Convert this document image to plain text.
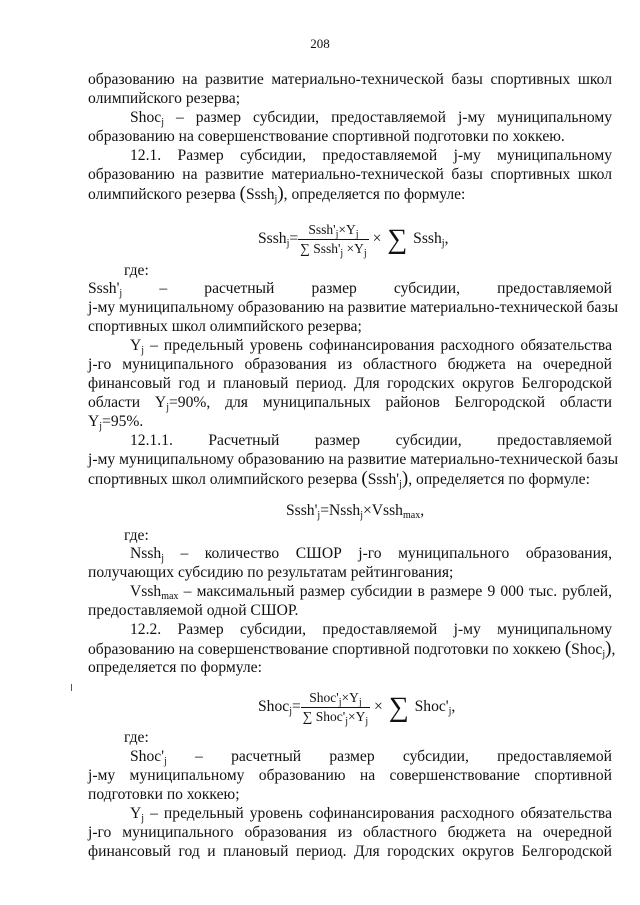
208
образованию на развитие материально-технической базы спортивных школ
олимпийского резерва;
Shoc$_j$ – размер субсидии, предоставляемой j-му муниципальному
образованию на совершенствование спортивной подготовки по хоккею.
12.1. Размер субсидии, предоставляемой j-му муниципальному
образованию на развитие материально-технической базы спортивных школ
олимпийского резерва (Sssh$_j$), определяется по формуле:
Sssh$_j$= $\frac{Sssh'_j\times Y_j}{\sum Sssh'_j \times Y_j}$ × ∑ Sssh$_j$,
где:
$Sssh'_j$ – расчетный размер субсидии, предоставляемой
j-му муниципальному образованию на развитие материально-технической базы
спортивных школ олимпийского резерва;
$Y_j$ – предельный уровень софинансирования расходного обязательства
j-го муниципального образования из областного бюджета на очередной
финансовый год и плановый период. Для городских округов Белгородской
области $Y_j=90\%$, для муниципальных районов Белгородской области
$Y_j=95\%$.
12.1.1. Расчетный размер субсидии, предоставляемой
j-му муниципальному образованию на развитие материально-технической базы
спортивных школ олимпийского резерва $(Sssh'_j)$, определяется по формуле:
$Sssh'_j=Nssh_j\times Vssh_{max}$,
где:
Nssh$_j$ – количество СШОР j-го муниципального образования,
получающих субсидию по результатам рейтингования;
Vssh$_{max}$ – максимальный размер субсидии в размере 9 000 тыс. рублей,
предоставляемой одной СШОР.
12.2. Размер субсидии, предоставляемой j-му муниципальному
образованию на совершенствование спортивной подготовки по хоккею (Shoc$_j$),
определяется по формуле:
Shoc$_j$= $\frac{Shoc'_j\times Y_j}{\sum Shoc'_j\times Y_j}$ × ∑ $Shoc'_j$,
где:
$Shoc'_j$ – расчетный размер субсидии, предоставляемой
j-му муниципальному образованию на совершенствование спортивной
подготовки по хоккею;
$Y_j$ – предельный уровень софинансирования расходного обязательства
j-го муниципального образования из областного бюджета на очередной
финансовый год и плановый период. Для городских округов Белгородской
